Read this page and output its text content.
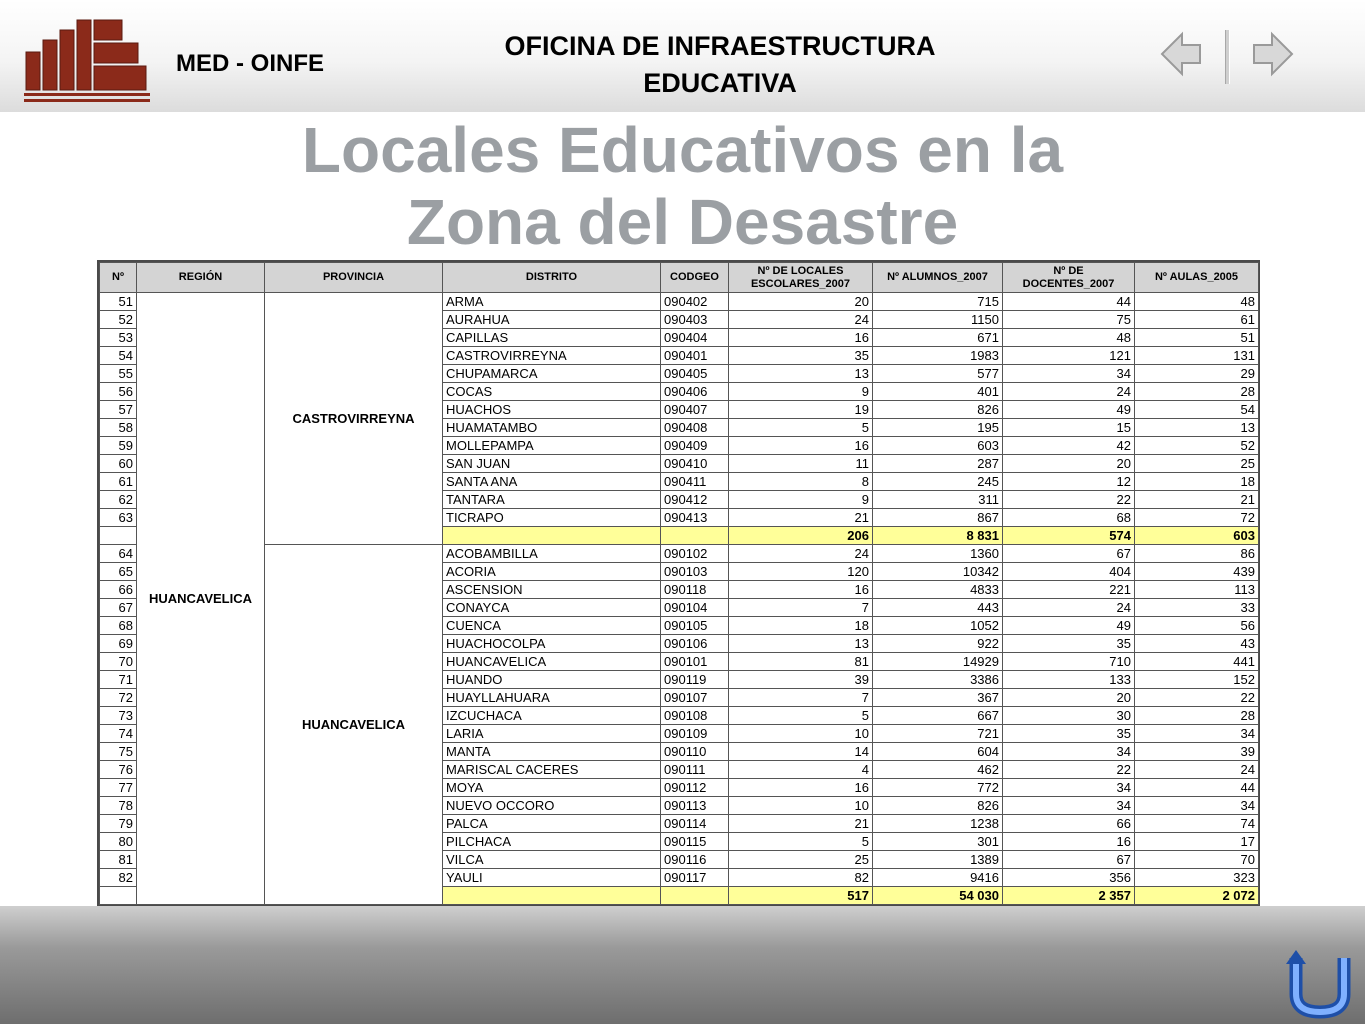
MED - OINFE
OFICINA DE INFRAESTRUCTURA
EDUCATIVA
Locales Educativos en la
Zona del Desastre
Nº	REGIÓN	PROVINCIA	DISTRITO	CODGEO	Nº DE LOCALES ESCOLARES_2007	Nº ALUMNOS_2007	Nº DE DOCENTES_2007	Nº AULAS_2005
51	HUANCAVELICA	CASTROVIRREYNA	ARMA	090402	20	715	44	48
52			AURAHUA	090403	24	1150	75	61
53			CAPILLAS	090404	16	671	48	51
54			CASTROVIRREYNA	090401	35	1983	121	131
55			CHUPAMARCA	090405	13	577	34	29
56			COCAS	090406	9	401	24	28
57			HUACHOS	090407	19	826	49	54
58			HUAMATAMBO	090408	5	195	15	13
59			MOLLEPAMPA	090409	16	603	42	52
60			SAN JUAN	090410	11	287	20	25
61			SANTA ANA	090411	8	245	12	18
62			TANTARA	090412	9	311	22	21
63			TICRAPO	090413	21	867	68	72
					206	8 831	574	603
64		HUANCAVELICA	ACOBAMBILLA	090102	24	1360	67	86
65			ACORIA	090103	120	10342	404	439
66			ASCENSION	090118	16	4833	221	113
67			CONAYCA	090104	7	443	24	33
68			CUENCA	090105	18	1052	49	56
69			HUACHOCOLPA	090106	13	922	35	43
70			HUANCAVELICA	090101	81	14929	710	441
71			HUANDO	090119	39	3386	133	152
72			HUAYLLAHUARA	090107	7	367	20	22
73			IZCUCHACA	090108	5	667	30	28
74			LARIA	090109	10	721	35	34
75			MANTA	090110	14	604	34	39
76			MARISCAL CACERES	090111	4	462	22	24
77			MOYA	090112	16	772	34	44
78			NUEVO OCCORO	090113	10	826	34	34
79			PALCA	090114	21	1238	66	74
80			PILCHACA	090115	5	301	16	17
81			VILCA	090116	25	1389	67	70
82			YAULI	090117	82	9416	356	323
					517	54 030	2 357	2 072
